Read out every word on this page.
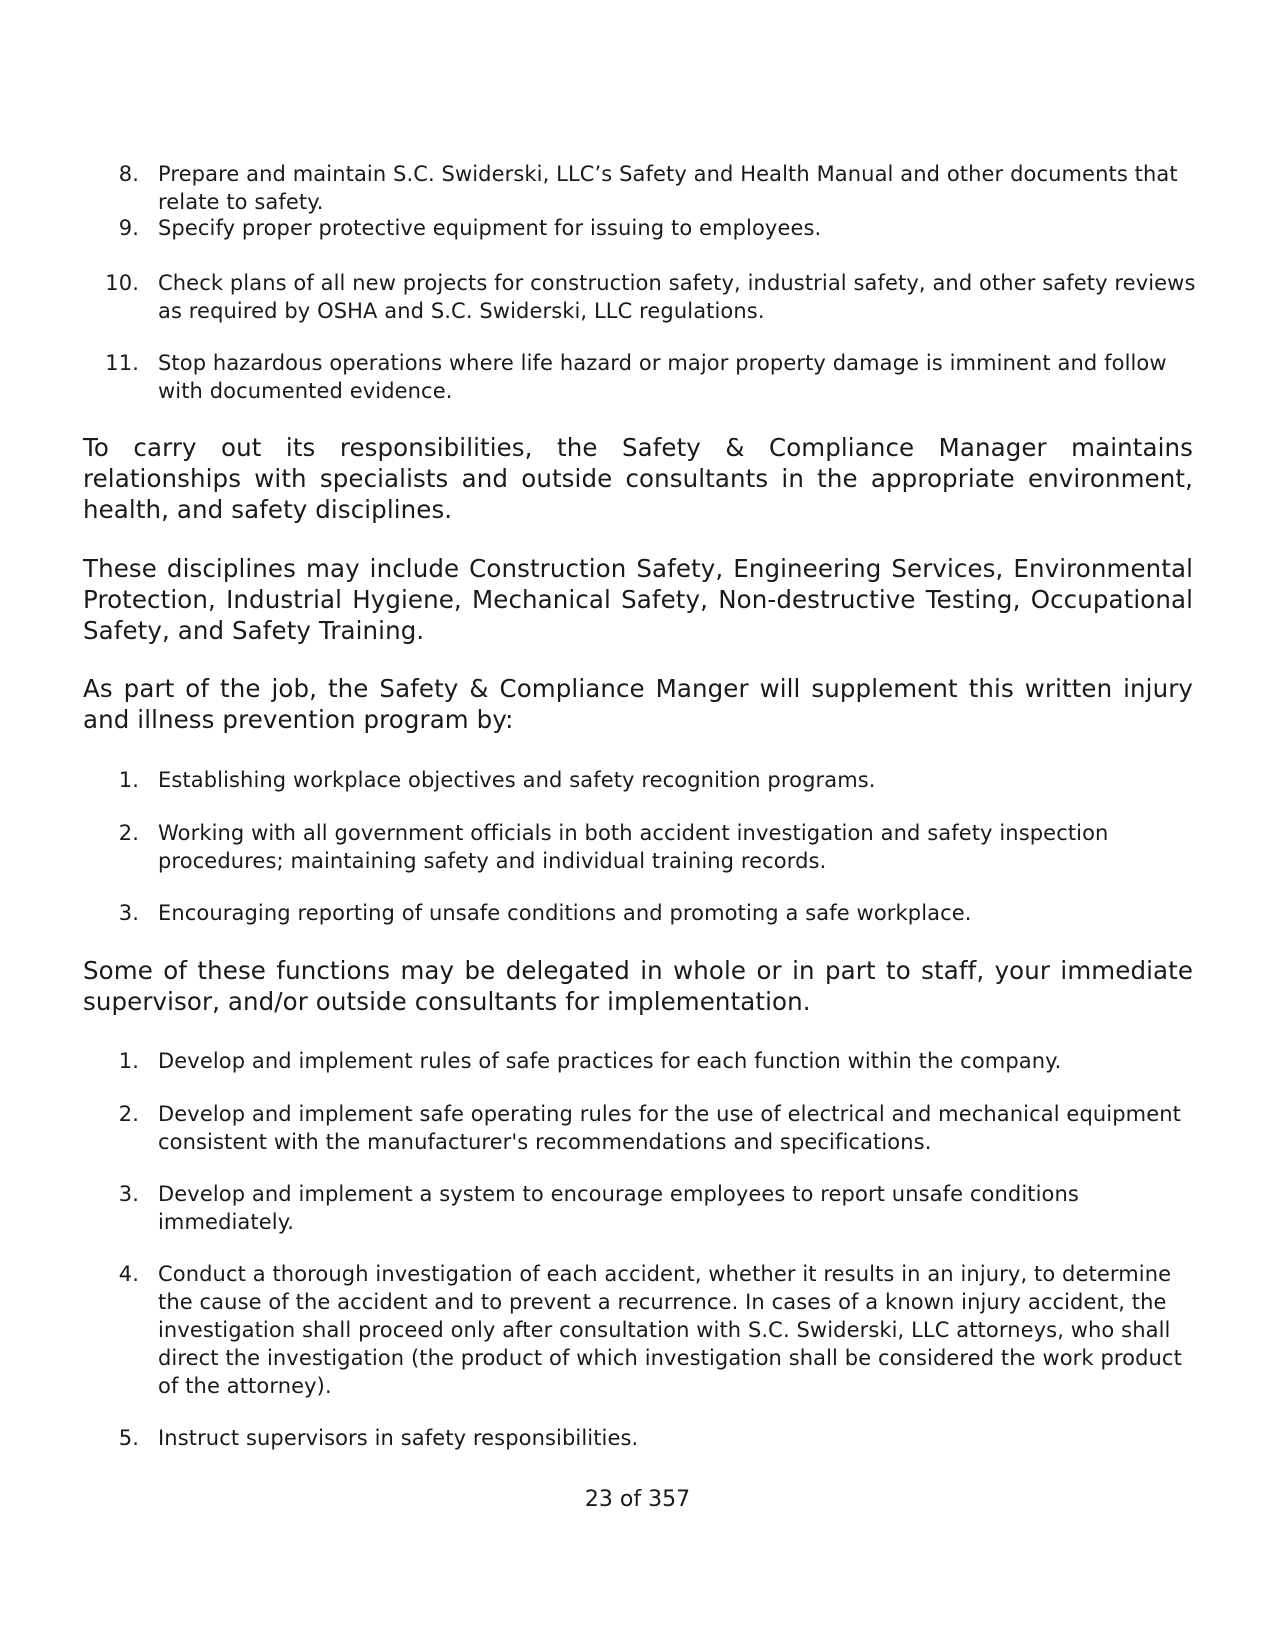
8. Prepare and maintain S.C. Swiderski, LLC’s Safety and Health Manual and other documents that relate to safety.
9. Specify proper protective equipment for issuing to employees.
10. Check plans of all new projects for construction safety, industrial safety, and other safety reviews as required by OSHA and S.C. Swiderski, LLC regulations.
11. Stop hazardous operations where life hazard or major property damage is imminent and follow with documented evidence.

To carry out its responsibilities, the Safety & Compliance Manager maintains relationships with specialists and outside consultants in the appropriate environment, health, and safety disciplines.

These disciplines may include Construction Safety, Engineering Services, Environmental Protection, Industrial Hygiene, Mechanical Safety, Non-destructive Testing, Occupational Safety, and Safety Training.

As part of the job, the Safety & Compliance Manger will supplement this written injury and illness prevention program by:

1. Establishing workplace objectives and safety recognition programs.
2. Working with all government officials in both accident investigation and safety inspection procedures; maintaining safety and individual training records.
3. Encouraging reporting of unsafe conditions and promoting a safe workplace.

Some of these functions may be delegated in whole or in part to staff, your immediate supervisor, and/or outside consultants for implementation.

1. Develop and implement rules of safe practices for each function within the company.
2. Develop and implement safe operating rules for the use of electrical and mechanical equipment consistent with the manufacturer's recommendations and specifications.
3. Develop and implement a system to encourage employees to report unsafe conditions immediately.
4. Conduct a thorough investigation of each accident, whether it results in an injury, to determine the cause of the accident and to prevent a recurrence. In cases of a known injury accident, the investigation shall proceed only after consultation with S.C. Swiderski, LLC attorneys, who shall direct the investigation (the product of which investigation shall be considered the work product of the attorney).
5. Instruct supervisors in safety responsibilities.
23 of 357
